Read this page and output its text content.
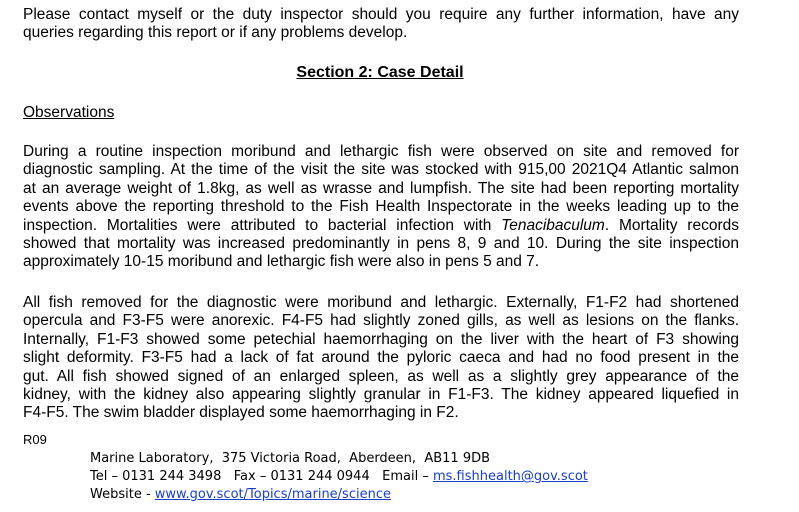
Please contact myself or the duty inspector should you require any further information, have any
queries regarding this report or if any problems develop.
Section 2: Case Detail
Observations
During a routine inspection moribund and lethargic fish were observed on site and removed for
diagnostic sampling. At the time of the visit the site was stocked with 915,00 2021Q4 Atlantic salmon
at an average weight of 1.8kg, as well as wrasse and lumpfish. The site had been reporting mortality
events above the reporting threshold to the Fish Health Inspectorate in the weeks leading up to the
inspection. Mortalities were attributed to bacterial infection with Tenacibaculum. Mortality records
showed that mortality was increased predominantly in pens 8, 9 and 10. During the site inspection
approximately 10-15 moribund and lethargic fish were also in pens 5 and 7.
All fish removed for the diagnostic were moribund and lethargic. Externally, F1-F2 had shortened
opercula and F3-F5 were anorexic. F4-F5 had slightly zoned gills, as well as lesions on the flanks.
Internally, F1-F3 showed some petechial haemorrhaging on the liver with the heart of F3 showing
slight deformity. F3-F5 had a lack of fat around the pyloric caeca and had no food present in the
gut. All fish showed signed of an enlarged spleen, as well as a slightly grey appearance of the
kidney, with the kidney also appearing slightly granular in F1-F3. The kidney appeared liquefied in
F4-F5. The swim bladder displayed some haemorrhaging in F2.
R09
Marine Laboratory, 375 Victoria Road, Aberdeen, AB11 9DB
Tel – 0131 244 3498 Fax – 0131 244 0944 Email – ms.fishhealth@gov.scot
Website - www.gov.scot/Topics/marine/science
